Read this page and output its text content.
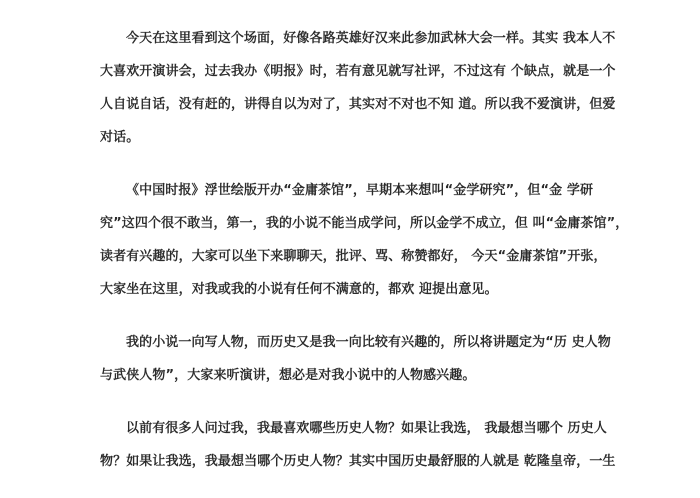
今天在这里看到这个场面，好像各路英雄好汉来此参加武林大会一样。其实 我本人不
大喜欢开演讲会，过去我办《明报》时，若有意见就写社评，不过这有 个缺点，就是一个
人自说自话，没有赶的，讲得自以为对了，其实对不对也不知 道。所以我不爱演讲，但爱
对话。
《中国时报》浮世绘版开办“金庸茶馆”，早期本来想叫“金学研究”，但“金 学研
究”这四个很不敢当，第一，我的小说不能当成学问，所以金学不成立，但 叫“金庸茶馆”，
读者有兴趣的，大家可以坐下来聊聊天，批评、骂、称赞都好， 今天“金庸茶馆”开张，
大家坐在这里，对我或我的小说有任何不满意的，都欢 迎提出意见。
我的小说一向写人物，而历史又是我一向比较有兴趣的，所以将讲题定为“历 史人物
与武侠人物”，大家来听演讲，想必是对我小说中的人物感兴趣。
以前有很多人问过我，我最喜欢哪些历史人物？如果让我选， 我最想当哪个 历史人
物？如果让我选，我最想当哪个历史人物？其实中国历史最舒服的人就是 乾隆皇帝，一生
